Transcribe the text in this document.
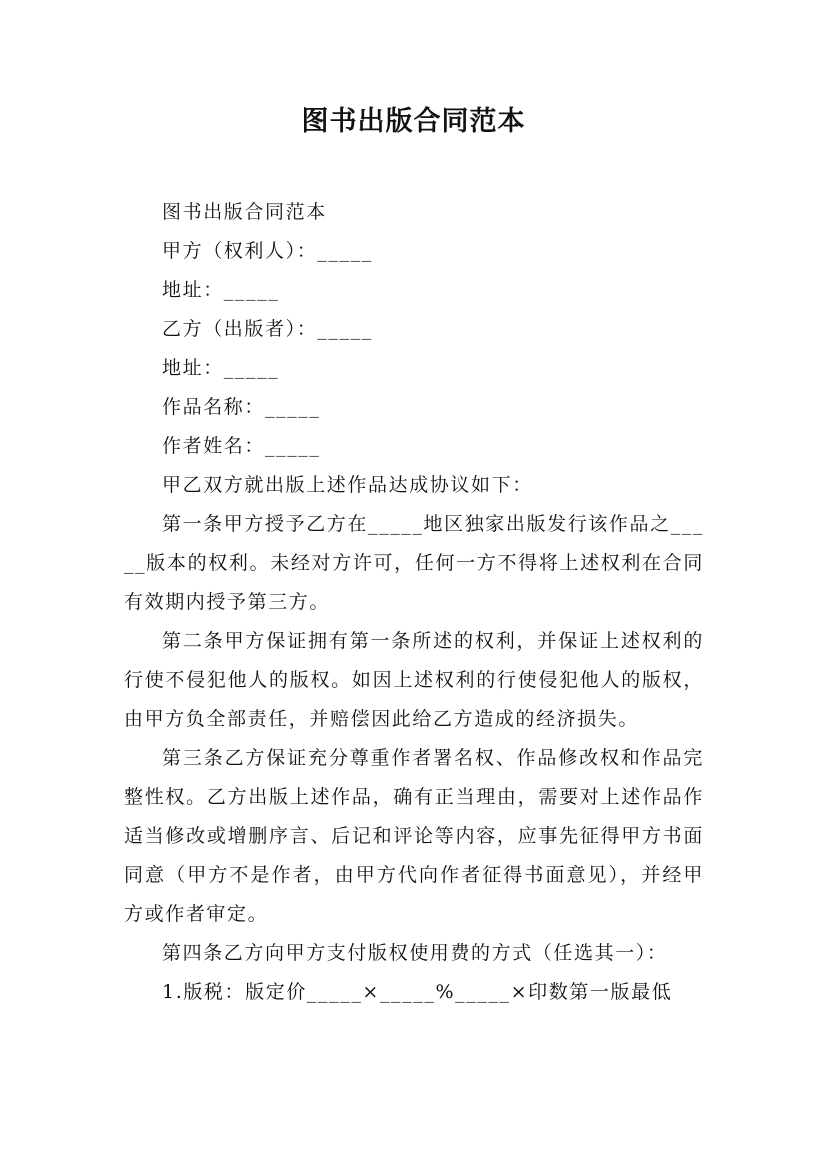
图书出版合同范本

图书出版合同范本

甲方（权利人）：_____

地址：_____

乙方（出版者）：_____

地址：_____

作品名称：_____

作者姓名：_____

甲乙双方就出版上述作品达成协议如下：

第一条甲方授予乙方在_____地区独家出版发行该作品之_____版本的权利。未经对方许可，任何一方不得将上述权利在合同有效期内授予第三方。

第二条甲方保证拥有第一条所述的权利，并保证上述权利的行使不侵犯他人的版权。如因上述权利的行使侵犯他人的版权，由甲方负全部责任，并赔偿因此给乙方造成的经济损失。

第三条乙方保证充分尊重作者署名权、作品修改权和作品完整性权。乙方出版上述作品，确有正当理由，需要对上述作品作适当修改或增删序言、后记和评论等内容，应事先征得甲方书面同意（甲方不是作者，由甲方代向作者征得书面意见），并经甲方或作者审定。

第四条乙方向甲方支付版权使用费的方式（任选其一）：

1.版税：版定价_____×_____%_____×印数第一版最低
